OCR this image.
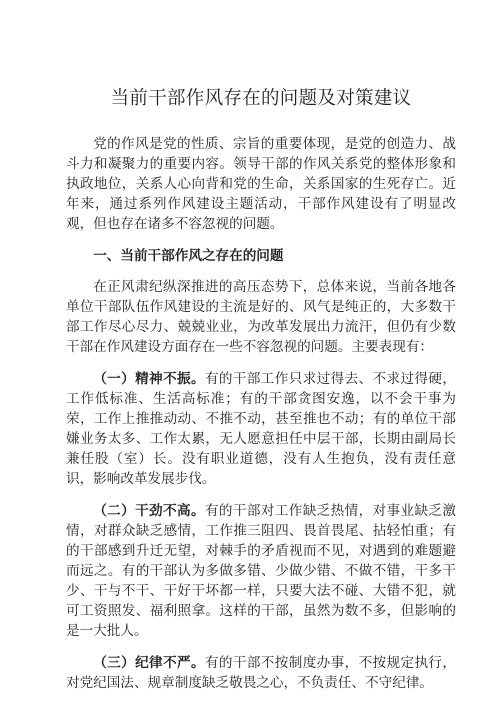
当前干部作风存在的问题及对策建议

党的作风是党的性质、宗旨的重要体现，是党的创造力、战斗力和凝聚力的重要内容。领导干部的作风关系党的整体形象和执政地位，关系人心向背和党的生命，关系国家的生死存亡。近年来，通过系列作风建设主题活动，干部作风建设有了明显改观，但也存在诸多不容忽视的问题。

一、当前干部作风之存在的问题

在正风肃纪纵深推进的高压态势下，总体来说，当前各地各单位干部队伍作风建设的主流是好的、风气是纯正的，大多数干部工作尽心尽力、兢兢业业，为改革发展出力流汗，但仍有少数干部在作风建设方面存在一些不容忽视的问题。主要表现有：

（一）精神不振。有的干部工作只求过得去、不求过得硬，工作低标准、生活高标准；有的干部贪图安逸，以不会干事为荣，工作上推推动动、不推不动，甚至推也不动；有的单位干部嫌业务太多、工作太累，无人愿意担任中层干部，长期由副局长兼任股（室）长。没有职业道德，没有人生抱负，没有责任意识，影响改革发展步伐。

（二）干劲不高。有的干部对工作缺乏热情，对事业缺乏激情，对群众缺乏感情，工作推三阻四、畏首畏尾、拈轻怕重；有的干部感到升迁无望，对棘手的矛盾视而不见，对遇到的难题避而远之。有的干部认为多做多错、少做少错、不做不错，干多干少、干与不干、干好干坏都一样，只要大法不碰、大错不犯，就可工资照发、福利照拿。这样的干部，虽然为数不多，但影响的是一大批人。

（三）纪律不严。有的干部不按制度办事，不按规定执行，对党纪国法、规章制度缺乏敬畏之心，不负责任、不守纪律。
